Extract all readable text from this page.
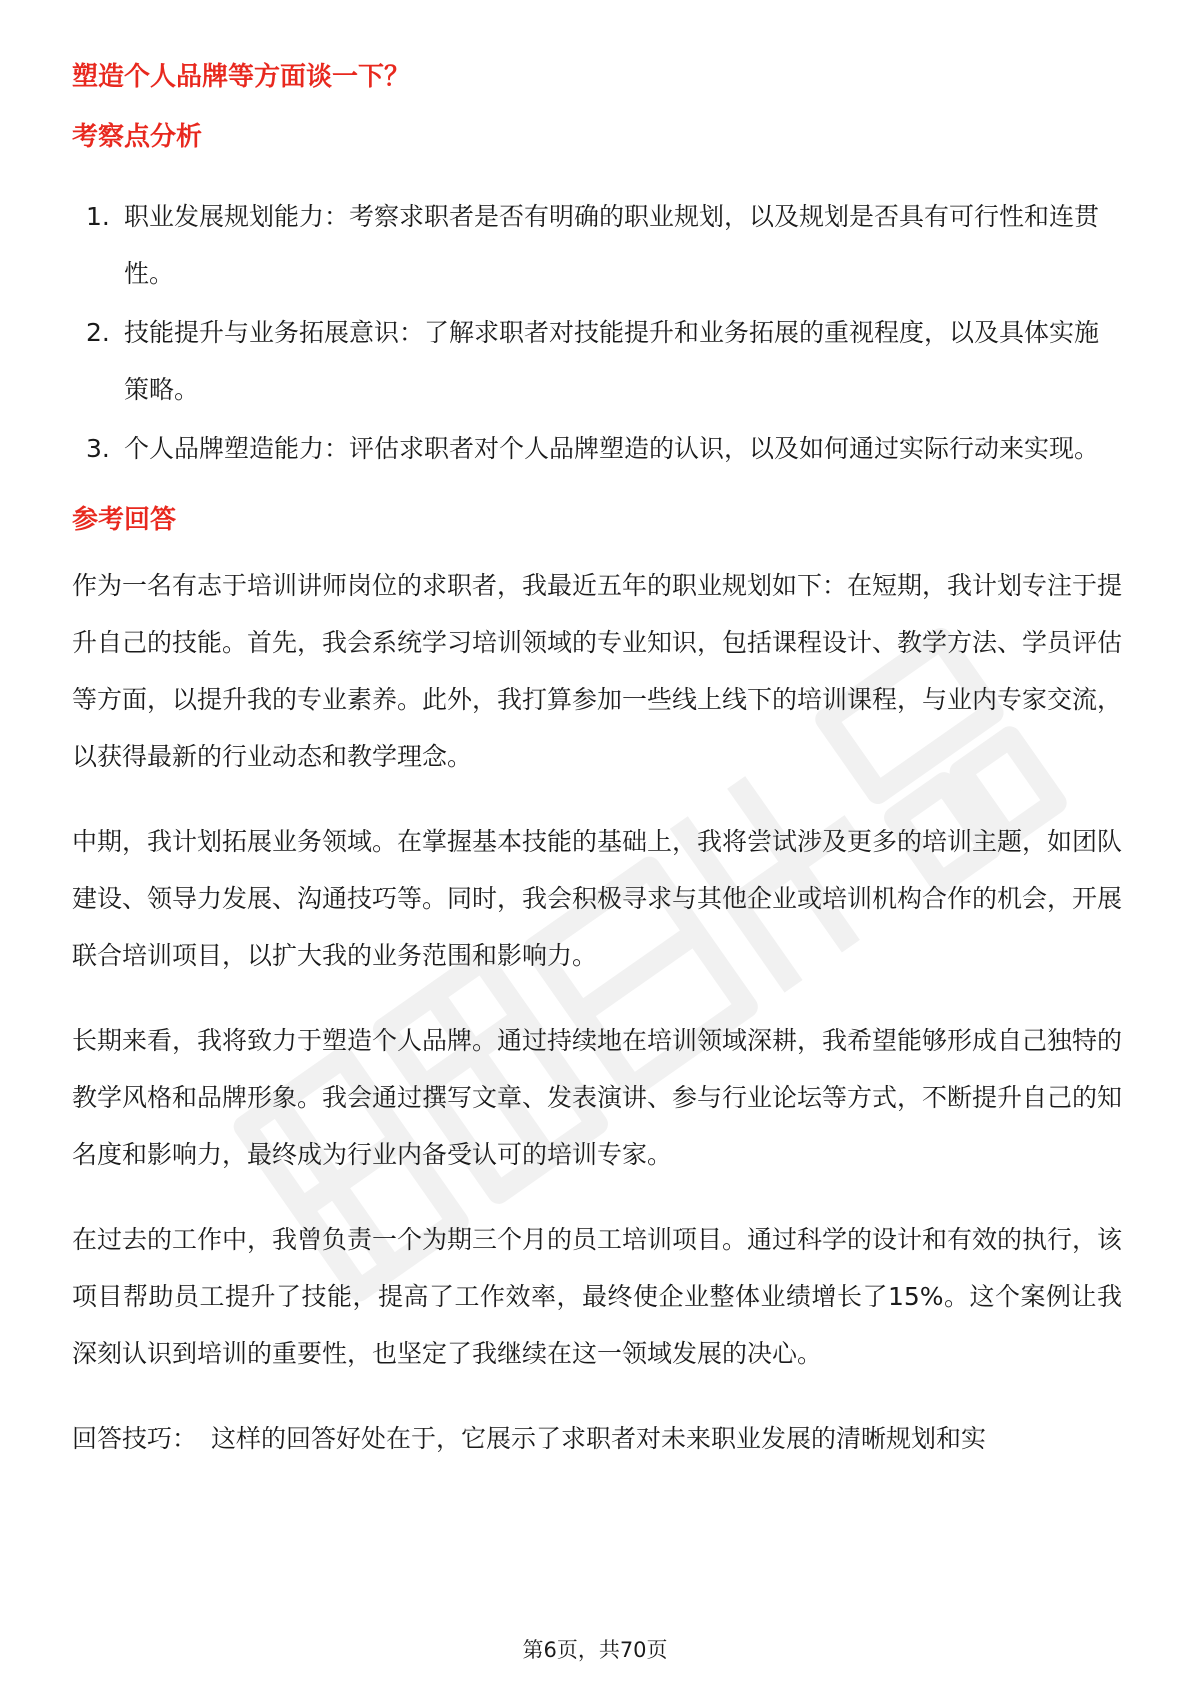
塑造个人品牌等方面谈一下？
考察点分析
1. 职业发展规划能力：考察求职者是否有明确的职业规划，以及规划是否具有可行性和连贯性。
2. 技能提升与业务拓展意识：了解求职者对技能提升和业务拓展的重视程度，以及具体实施策略。
3. 个人品牌塑造能力：评估求职者对个人品牌塑造的认识，以及如何通过实际行动来实现。
参考回答

作为一名有志于培训讲师岗位的求职者，我最近五年的职业规划如下：在短期，我计划专注于提升自己的技能。首先，我会系统学习培训领域的专业知识，包括课程设计、教学方法、学员评估等方面，以提升我的专业素养。此外，我打算参加一些线上线下的培训课程，与业内专家交流，以获得最新的行业动态和教学理念。

中期，我计划拓展业务领域。在掌握基本技能的基础上，我将尝试涉及更多的培训主题，如团队建设、领导力发展、沟通技巧等。同时，我会积极寻求与其他企业或培训机构合作的机会，开展联合培训项目，以扩大我的业务范围和影响力。

长期来看，我将致力于塑造个人品牌。通过持续地在培训领域深耕，我希望能够形成自己独特的教学风格和品牌形象。我会通过撰写文章、发表演讲、参与行业论坛等方式，不断提升自己的知名度和影响力，最终成为行业内备受认可的培训专家。

在过去的工作中，我曾负责一个为期三个月的员工培训项目。通过科学的设计和有效的执行，该项目帮助员工提升了技能，提高了工作效率，最终使企业整体业绩增长了15%。这个案例让我深刻认识到培训的重要性，也坚定了我继续在这一领域发展的决心。

回答技巧： 这样的回答好处在于，它展示了求职者对未来职业发展的清晰规划和实

第6页，共70页
